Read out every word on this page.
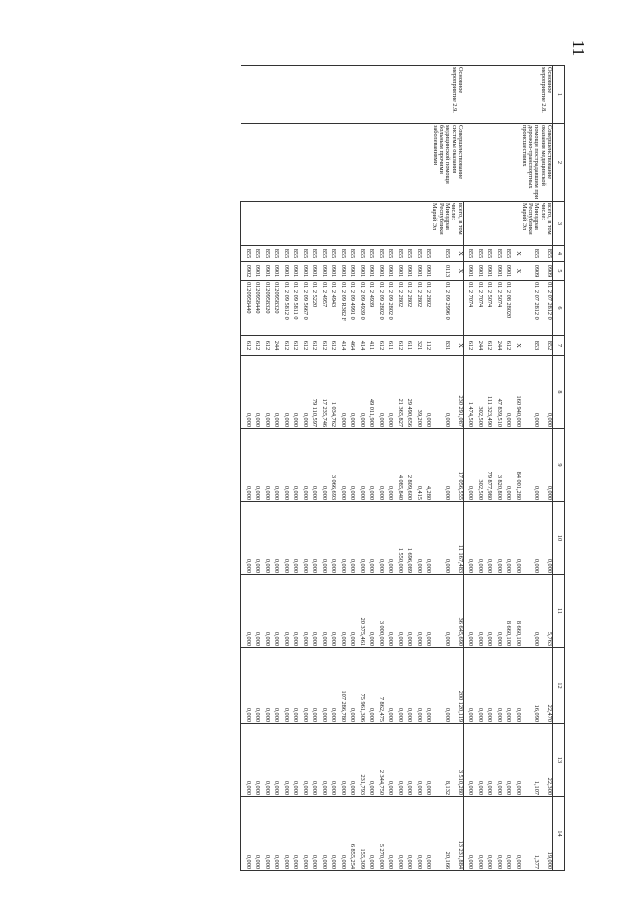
11
1	2	3	4	5	6	7	8	9	10	11	12	13	14
Основное мероприятие 2.8.	Совершенствование оказания медицинской помощи пострадавшим при дорожно-транспортных происшествиях	всего, в том числе:	855	0909	01 2 07 2812 0	852	0,000	0,000	0,000	5,763	22,470	22,300	19,000
		Минздрав Республики Марий Эл	855	0909	01 2 07 2812 0	853	0,000	0,000	0,000	0,000	16,090	1,107	1,377
			X	X		X	160 940,000	84 001,280	0,000	8 660,100	0,000	0,000	0,000
			855	0901	01 2 08 28020	612	0,000	0,000	0,000	8 660,100	0,000	0,000	0,000
			855	0901	01 2 5074	244	47 839,510	3 820,800	0,000	0,000	0,000	0,000	0,000
			855	0901	01 2 5074	612	111 323,490	79 877,980	0,000	0,000	0,000	0,000	0,000
			855	0901	01 2 7074	244	302,500	302,500	0,000	0,000	0,000	0,000	0,000
			855	0901	01 2 7074	612	1 474,500	0,000	0,000	0,000	0,000	0,000	0,000
Основное мероприятие 2.9.	Совершенствование системы оказания медицинской помощи больным прочими заболеваниями	всего, в том числе:	X	X		X	230 291,087	17 056,555	11 167,483	36 645,690	200 120,119	3 510,280	13 231,884
		Минздрав Республики Марий Эл	855	0113	01 2 09 2996 0	831	0,000	0,000	0,000	0,000	0,000	8,132	20,166
			855	0901	01 2 2802	112	0,000	4,280	0,000	0,000	0,000	0,000	0,000
			855	0901	01 2 2802	321	39,200	0,415	0,000	0,000	0,000	0,000	0,000
			855	0901	01 2 2802	611	29 490,656	2 809,600	1 696,089	0,000	0,000	0,000	0,000
			855	0901	01 2 2802	612	21 365,827	4 085,840	1 550,000	0,000	0,000	0,000	0,000
			855	0901	01 2 09 2802 0	611	0,000	0,000	0,000	0,000	0,000	0,000	0,000
			855	0901	01 2 09 2802 0	612	0,000	0,000	0,000	3 000,000	7 862,475	2 344,750	5 270,000
			855	0901	01 2 4939	411	49 011,900	0,000	0,000	0,000	0,000	0,000	0,000
			855	0901	01 2 09 4939 0	414	0,000	0,000	0,000	20 375,461	75 961,306	231,793	155,309
			855	0901	01 2 09 4991 0	464	0,000	0,000	0,000	0,000	0,000	0,000	6 855,254
			855	0901	01 2 09 R382 F	414	0,000	0,000	0,000	0,000	107 286,780	0,000	0,000
			855	0901	01 2 4943	612	1 034,762	3 066,693	0,000	0,000	0,000	0,000	0,000
			855	0901	01 2 4957	612	17 235,746	0,000	0,000	0,000	0,000	0,000	0,000
			855	0901	01 2 5220	612	79 110,597	0,000	0,000	0,000	0,000	0,000	0,000
			855	0901	01 2 09 5667 0	612	0,000	0,000	0,000	0,000	0,000	0,000	0,000
			855	0901	01 2 09 5811 0	612	0,000	0,000	0,000	0,000	0,000	0,000	0,000
			855	0901	01 2 09 5812 0	612	0,000	0,000	0,000	0,000	0,000	0,000	0,000
			855	0901	0120958320	244	0,000	0,000	0,000	0,000	0,000	0,000	0,000
			855	0901	0120958320	612	0,000	0,000	0,000	0,000	0,000	0,000	0,000
			855	0901	0120958440	612	0,000	0,000	0,000	0,000	0,000	0,000	0,000
			855	0902	0120958440	612	0,000	0,000	0,000	0,000	0,000	0,000	0,000
